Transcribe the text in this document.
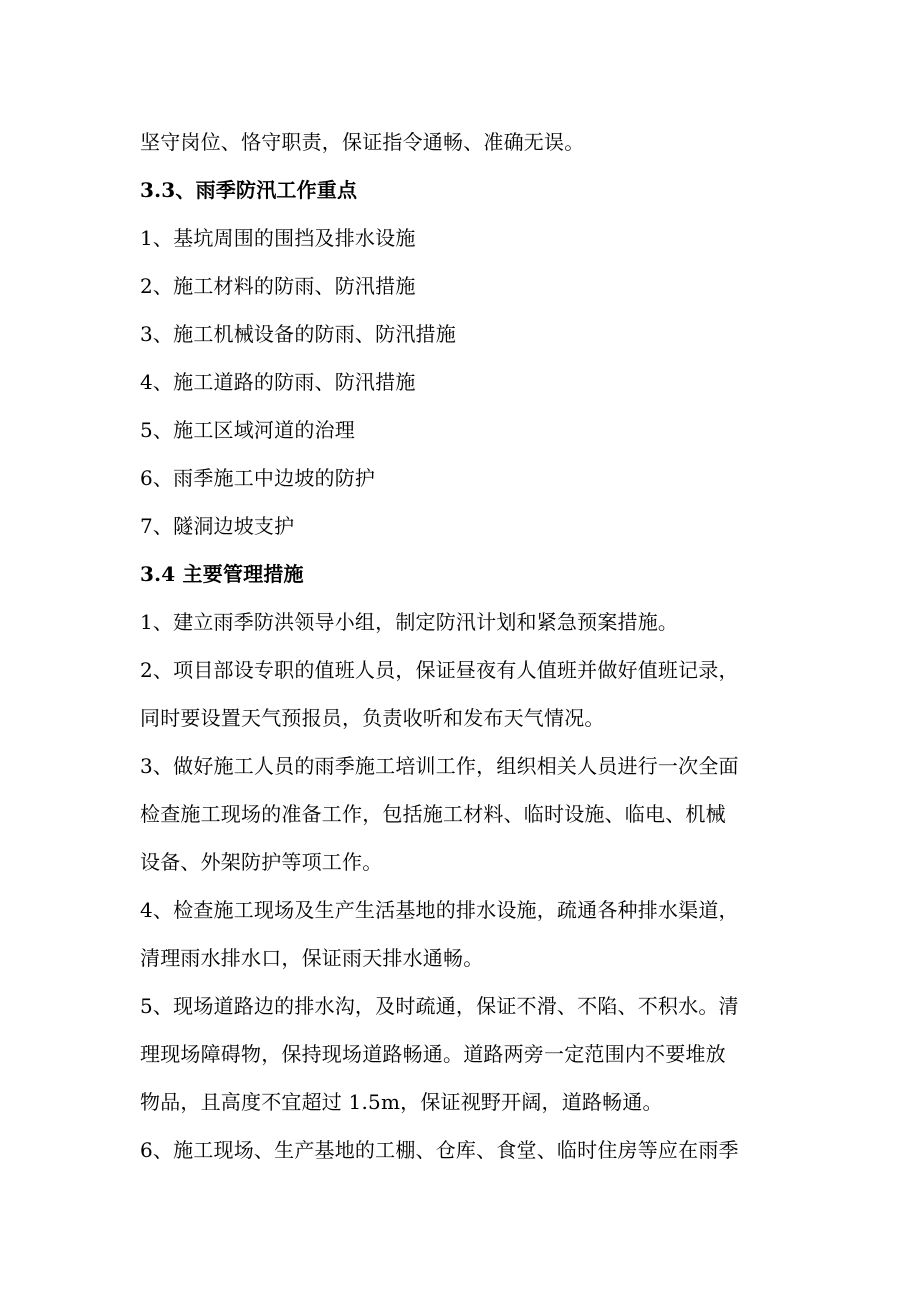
坚守岗位、恪守职责，保证指令通畅、准确无误。
3.3、雨季防汛工作重点
1、基坑周围的围挡及排水设施
2、施工材料的防雨、防汛措施
3、施工机械设备的防雨、防汛措施
4、施工道路的防雨、防汛措施
5、施工区域河道的治理
6、雨季施工中边坡的防护
7、隧洞边坡支护
3.4 主要管理措施
1、建立雨季防洪领导小组，制定防汛计划和紧急预案措施。
2、项目部设专职的值班人员，保证昼夜有人值班并做好值班记录，
同时要设置天气预报员，负责收听和发布天气情况。
3、做好施工人员的雨季施工培训工作，组织相关人员进行一次全面
检查施工现场的准备工作，包括施工材料、临时设施、临电、机械
设备、外架防护等项工作。
4、检查施工现场及生产生活基地的排水设施，疏通各种排水渠道，
清理雨水排水口，保证雨天排水通畅。
5、现场道路边的排水沟，及时疏通，保证不滑、不陷、不积水。清
理现场障碍物，保持现场道路畅通。道路两旁一定范围内不要堆放
物品，且高度不宜超过 1.5m，保证视野开阔，道路畅通。
6、施工现场、生产基地的工棚、仓库、食堂、临时住房等应在雨季
